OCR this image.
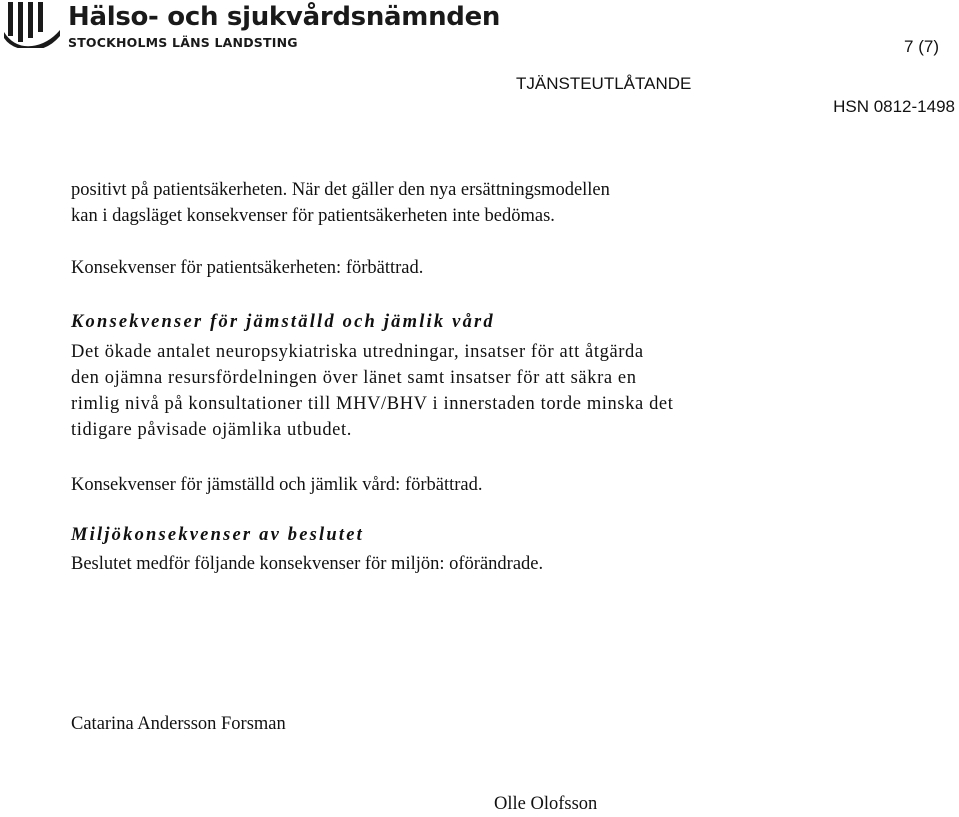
Hälso- och sjukvårdsnämnden
STOCKHOLMS LÄNS LANDSTING	7 (7)
TJÄNSTEUTLÅTANDE
HSN 0812-1498
positivt på patientsäkerheten. När det gäller den nya ersättningsmodellen
kan i dagsläget konsekvenser för patientsäkerheten inte bedömas.
Konsekvenser för patientsäkerheten: förbättrad.
Konsekvenser för jämställd och jämlik vård
Det ökade antalet neuropsykiatriska utredningar, insatser för att åtgärda
den ojämna resursfördelningen över länet samt insatser för att säkra en
rimlig nivå på konsultationer till MHV/BHV i innerstaden torde minska det
tidigare påvisade ojämlika utbudet.
Konsekvenser för jämställd och jämlik vård: förbättrad.
Miljökonsekvenser av beslutet
Beslutet medför följande konsekvenser för miljön: oförändrade.
Catarina Andersson Forsman
Olle Olofsson
